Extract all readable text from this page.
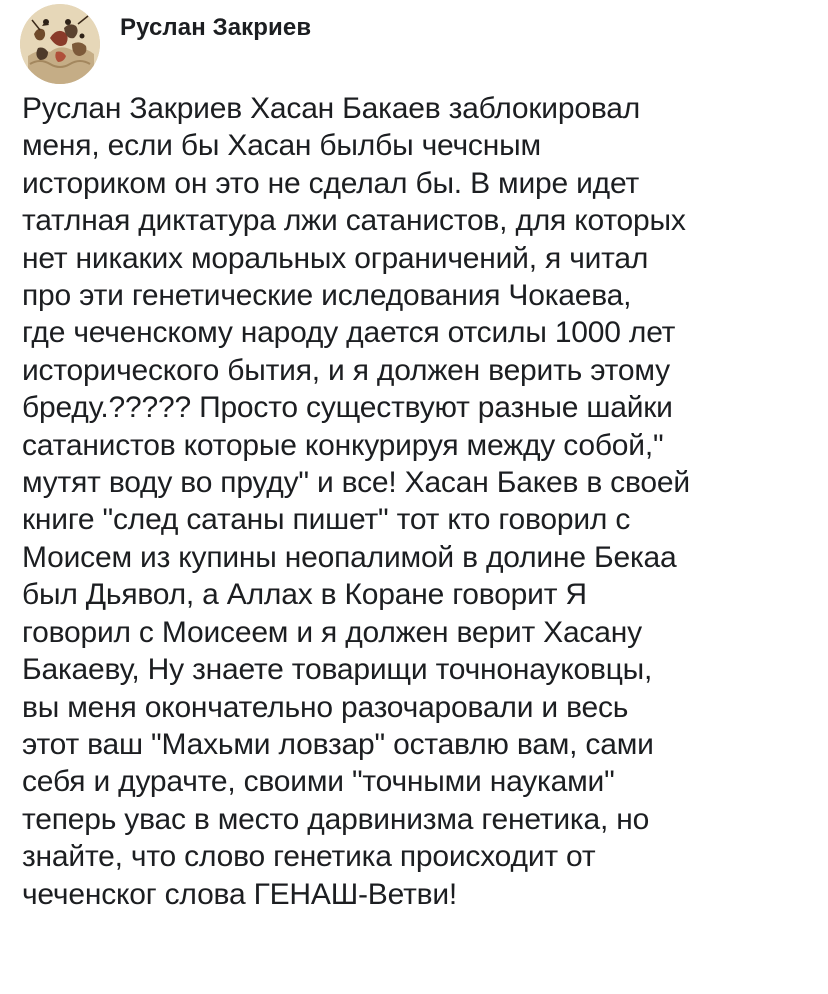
Руслан Закриев
Руслан Закриев Хасан Бакаев заблокировал
меня, если бы Хасан былбы чечсным
историком он это не сделал бы. В мире идет
татлная диктатура лжи сатанистов, для которых
нет никаких моральных ограничений, я читал
про эти генетические иследования Чокаева,
где чеченскому народу дается отсилы 1000 лет
исторического бытия, и я должен верить этому
бреду.????? Просто существуют разные шайки
сатанистов которые конкурируя между собой,"
мутят воду во пруду" и все! Хасан Бакев в своей
книге "след сатаны пишет" тот кто говорил с
Моисем из купины неопалимой в долине Бекаа
был Дьявол, а Аллах в Коране говорит Я
говорил с Моисеем и я должен верит Хасану
Бакаеву, Ну знаете товарищи точнонауковцы,
вы меня окончательно разочаровали и весь
этот ваш "Махьми ловзар" оставлю вам, сами
себя и дурачте, своими "точными науками"
теперь увас в место дарвинизма генетика, но
знайте, что слово генетика происходит от
чеченског слова ГЕНАШ-Ветви!
